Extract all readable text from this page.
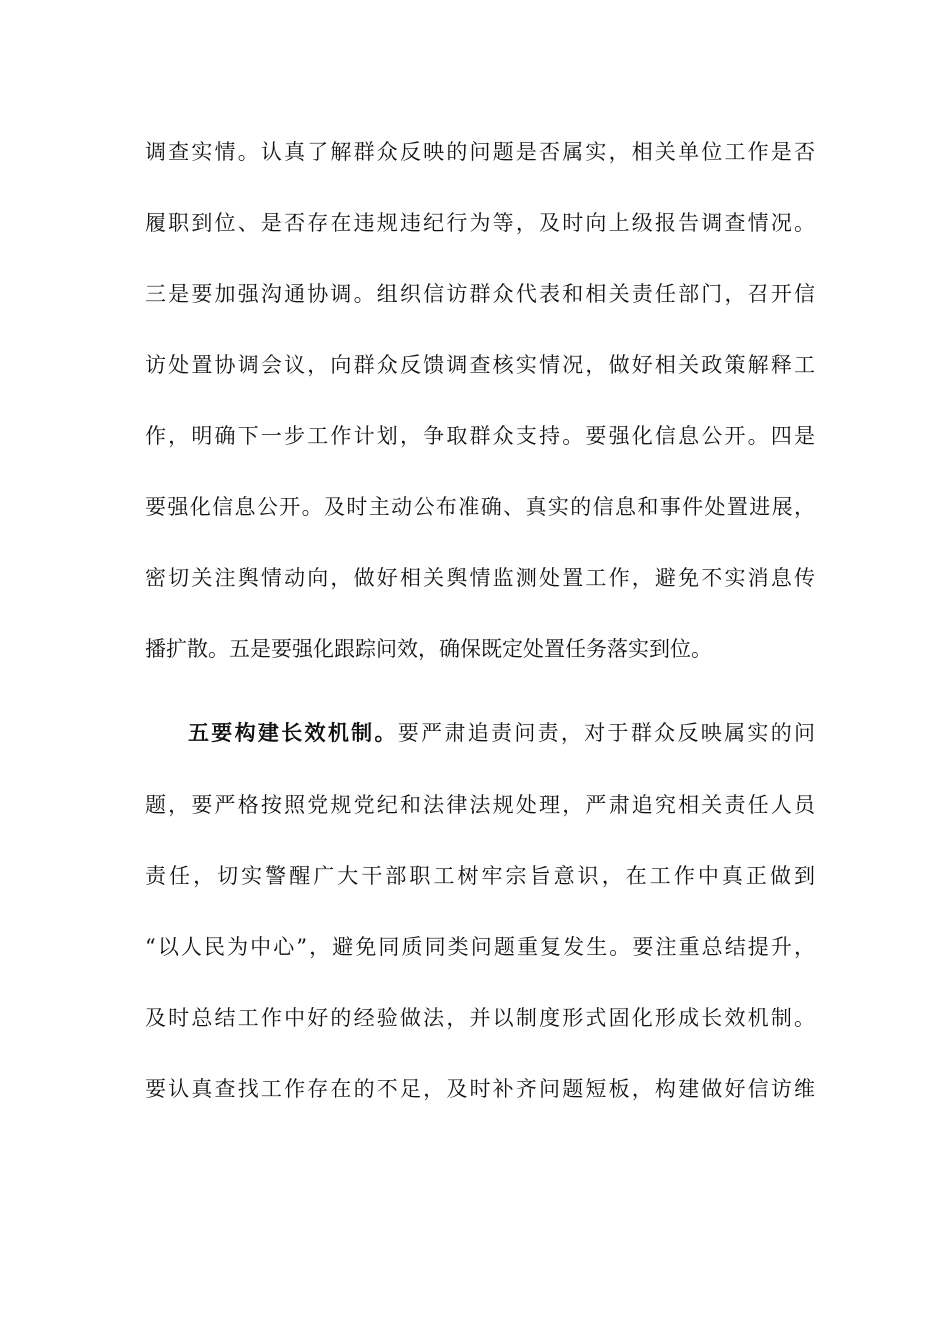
调查实情。认真了解群众反映的问题是否属实，相关单位工作是否
履职到位、是否存在违规违纪行为等，及时向上级报告调查情况。
三是要加强沟通协调。组织信访群众代表和相关责任部门，召开信
访处置协调会议，向群众反馈调查核实情况，做好相关政策解释工
作，明确下一步工作计划，争取群众支持。要强化信息公开。四是
要强化信息公开。及时主动公布准确、真实的信息和事件处置进展，
密切关注舆情动向，做好相关舆情监测处置工作，避免不实消息传
播扩散。五是要强化跟踪问效，确保既定处置任务落实到位。
五要构建长效机制。要严肃追责问责，对于群众反映属实的问
题，要严格按照党规党纪和法律法规处理，严肃追究相关责任人员
责任，切实警醒广大干部职工树牢宗旨意识，在工作中真正做到
“以人民为中心”，避免同质同类问题重复发生。要注重总结提升，
及时总结工作中好的经验做法，并以制度形式固化形成长效机制。
要认真查找工作存在的不足，及时补齐问题短板，构建做好信访维
